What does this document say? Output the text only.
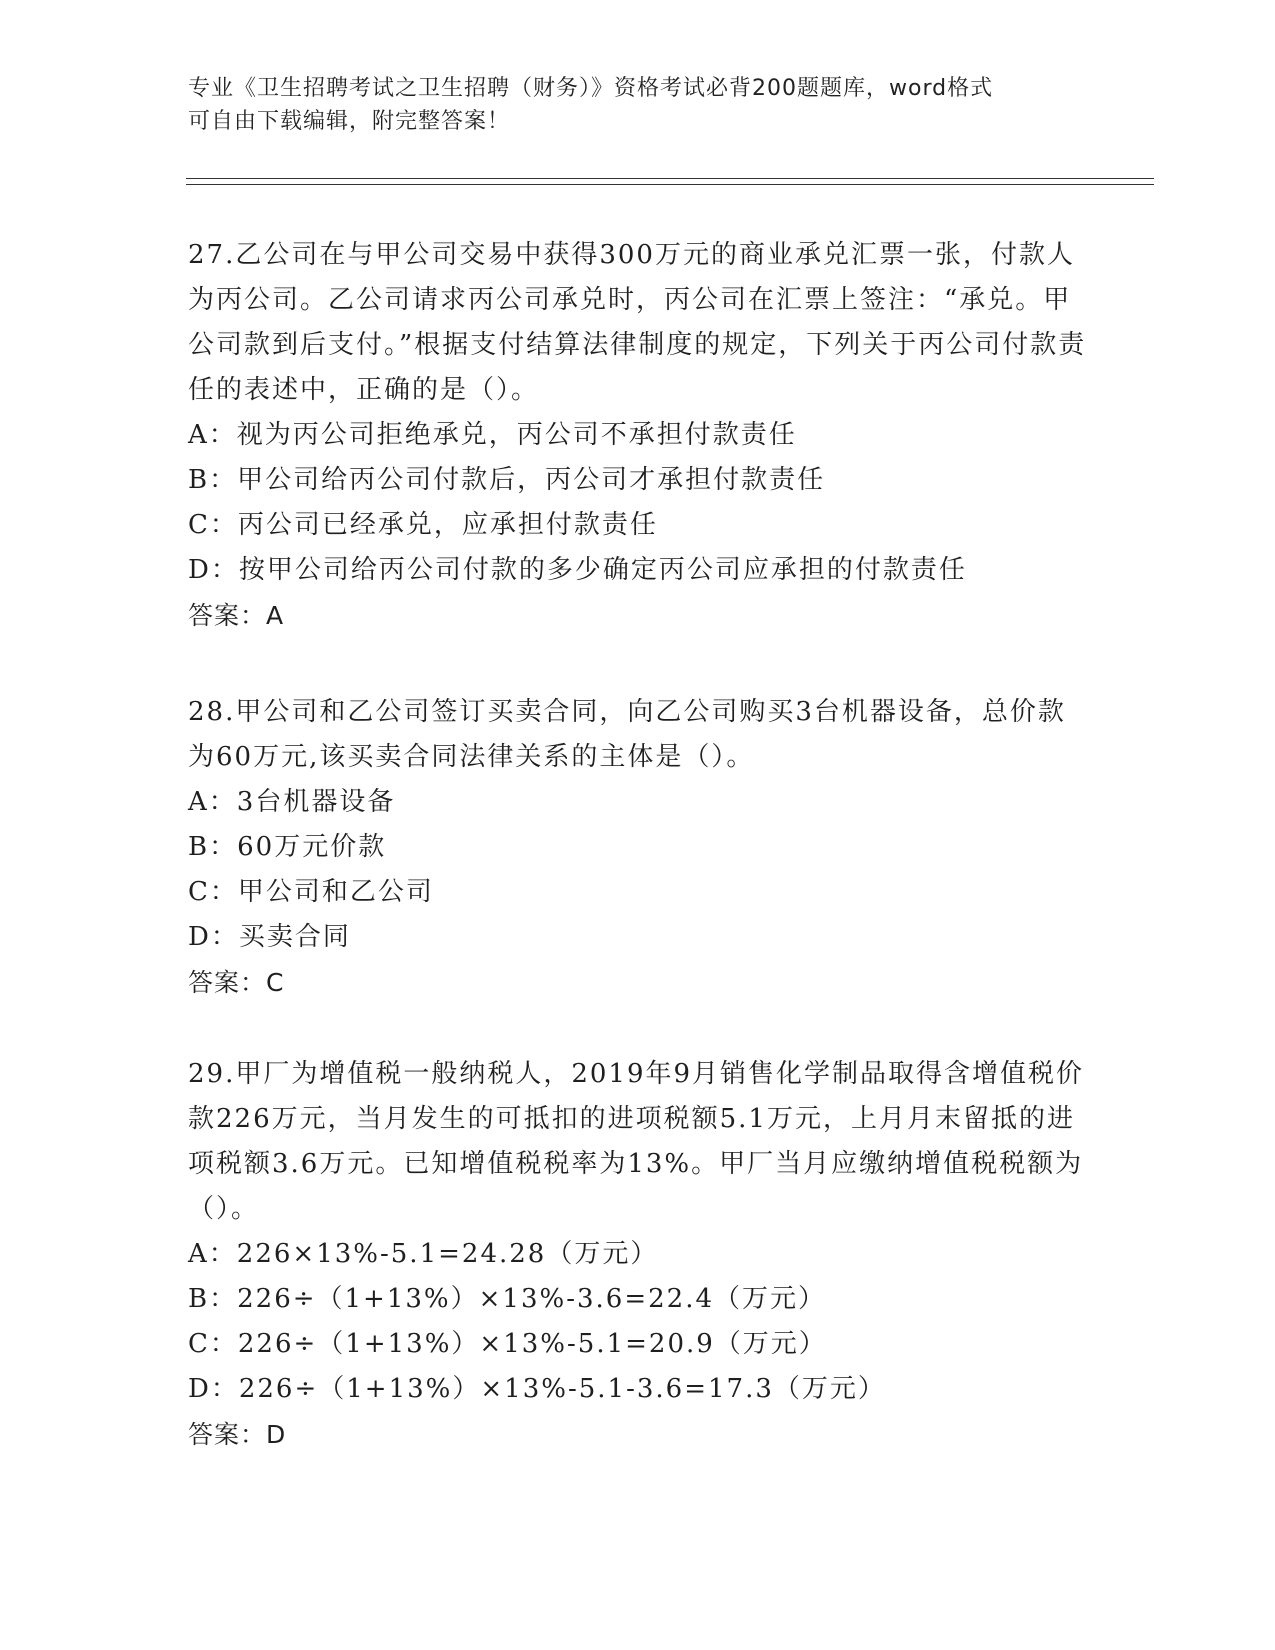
专业《卫生招聘考试之卫生招聘（财务）》资格考试必背200题题库，word格式
可自由下载编辑，附完整答案！

27.乙公司在与甲公司交易中获得300万元的商业承兑汇票一张，付款人为丙公司。乙公司请求丙公司承兑时，丙公司在汇票上签注：“承兑。甲公司款到后支付。”根据支付结算法律制度的规定，下列关于丙公司付款责任的表述中，正确的是（）。

A：视为丙公司拒绝承兑，丙公司不承担付款责任

B：甲公司给丙公司付款后，丙公司才承担付款责任

C：丙公司已经承兑，应承担付款责任

D：按甲公司给丙公司付款的多少确定丙公司应承担的付款责任

答案：A

28.甲公司和乙公司签订买卖合同，向乙公司购买3台机器设备，总价款为60万元,该买卖合同法律关系的主体是（）。

A：3台机器设备

B：60万元价款

C：甲公司和乙公司

D：买卖合同

答案：C

29.甲厂为增值税一般纳税人，2019年9月销售化学制品取得含增值税价款226万元，当月发生的可抵扣的进项税额5.1万元，上月月末留抵的进项税额3.6万元。已知增值税税率为13%。甲厂当月应缴纳增值税税额为（）。

A：226×13%-5.1=24.28（万元）

B：226÷（1+13%）×13%-3.6=22.4（万元）

C：226÷（1+13%）×13%-5.1=20.9（万元）

D：226÷（1+13%）×13%-5.1-3.6=17.3（万元）

答案：D
